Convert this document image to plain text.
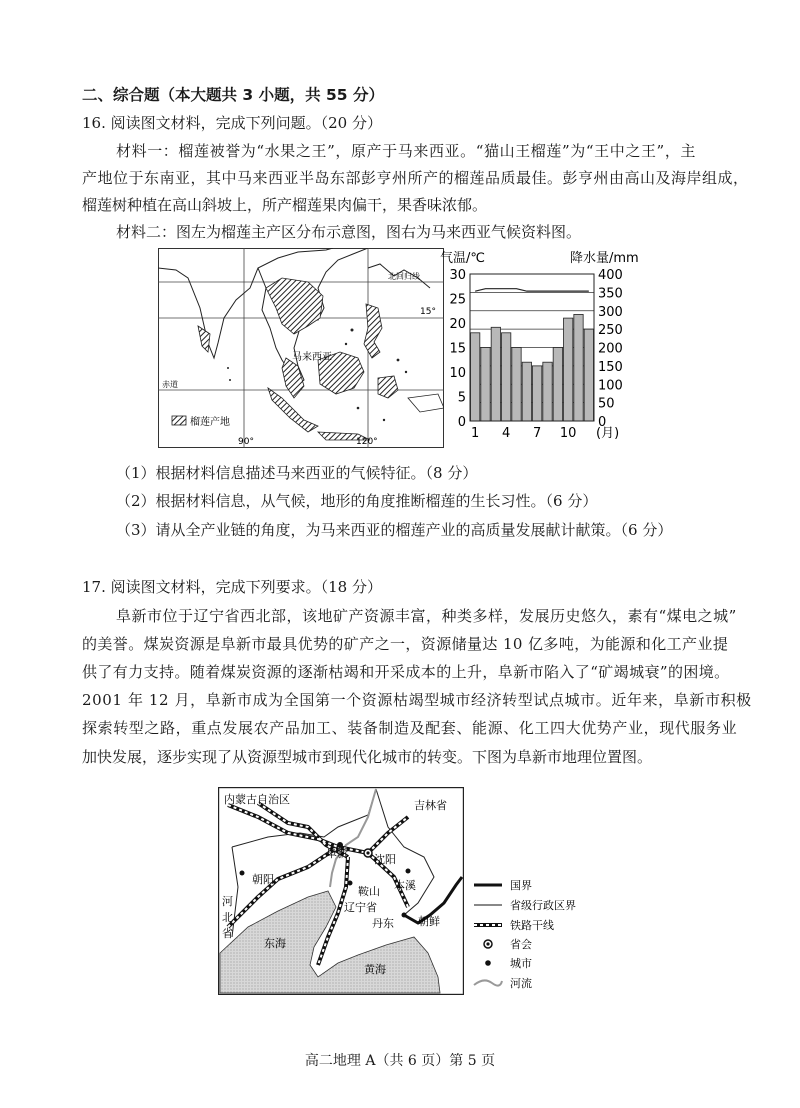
二、综合题（本大题共 3 小题，共 55 分）
16. 阅读图文材料，完成下列问题。（20 分）
材料一：榴莲被誉为“水果之王”，原产于马来西亚。“猫山王榴莲”为“王中之王”，主
产地位于东南亚，其中马来西亚半岛东部彭亨州所产的榴莲品质最佳。彭亨州由高山及海岸组成，
榴莲树种植在高山斜坡上，所产榴莲果肉偏干，果香味浓郁。
材料二：图左为榴莲主产区分布示意图，图右为马来西亚气候资料图。
北回归线
15°
赤道
马来西亚
90°	120°
榴莲产地
气温/℃	降水量/mm
0
50
100
150
200
250
300
350
400
0
5
10
15
20
25
30
1 4 7 10 (月)
（1）根据材料信息描述马来西亚的气候特征。（8 分）
（2）根据材料信息，从气候，地形的角度推断榴莲的生长习性。（6 分）
（3）请从全产业链的角度，为马来西亚的榴莲产业的高质量发展献计献策。（6 分）
17. 阅读图文材料，完成下列要求。（18 分）
阜新市位于辽宁省西北部，该地矿产资源丰富，种类多样，发展历史悠久，素有“煤电之城”
的美誉。煤炭资源是阜新市最具优势的矿产之一，资源储量达 10 亿多吨，为能源和化工产业提
供了有力支持。随着煤炭资源的逐渐枯竭和开采成本的上升，阜新市陷入了“矿竭城衰”的困境。
2001 年 12 月，阜新市成为全国第一个资源枯竭型城市经济转型试点城市。近年来，阜新市积极
探索转型之路，重点发展农产品加工、装备制造及配套、能源、化工四大优势产业，现代服务业
加快发展，逐步实现了从资源型城市到现代化城市的转变。下图为阜新市地理位置图。
内蒙古自治区	吉林省
阜新 沈阳
朝阳	本溪
鞍山
辽宁省
丹东 朝鲜
河
北
省
东海
黄海
国界
省级行政区界
铁路干线
省会
城市
河流
高二地理 A（共 6 页）第 5 页
